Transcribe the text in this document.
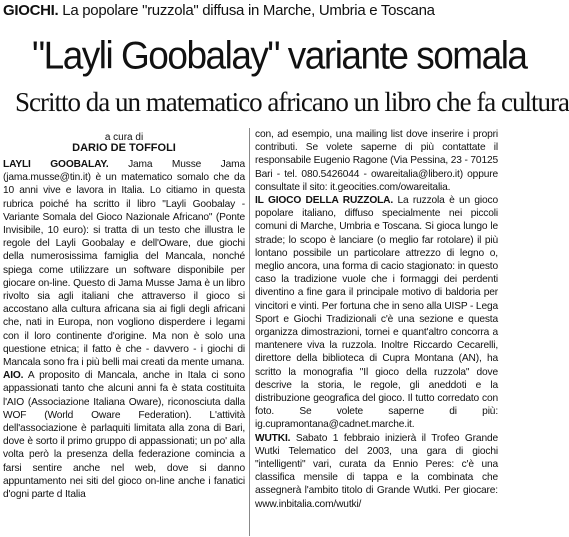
GIOCHI. La popolare "ruzzola" diffusa in Marche, Umbria e Toscana
"Layli Goobalay" variante somala
Scritto da un matematico africano un libro che fa cultura
a cura di
DARIO DE TOFFOLI

LAYLI GOOBALAY. Jama Musse Jama (jama.musse@tin.it) è un matematico somalo che da 10 anni vive e lavora in Italia. Lo citiamo in questa rubrica poiché ha scritto il libro "Layli Goobalay - Variante Somala del Gioco Nazionale Africano" (Ponte Invisibile, 10 euro): si tratta di un testo che illustra le regole del Layli Goobalay e dell'Oware, due giochi della numerosissima famiglia del Mancala, nonché spiega come utilizzare un software disponibile per giocare on-line. Questo di Jama Musse Jama è un libro rivolto sia agli italiani che attraverso il gioco si accostano alla cultura africana sia ai figli degli africani che, nati in Europa, non vogliono disperdere i legami con il loro continente d'origine. Ma non è solo una questione etnica; il fatto è che - davvero - i giochi di Mancala sono fra i più belli mai creati da mente umana.

AIO. A proposito di Mancala, anche in Itala ci sono appassionati tanto che alcuni anni fa è stata costituita l'AIO (Associazione Italiana Oware), riconosciuta dalla WOF (World Oware Federation). L'attività dell'associazione è parlaquiti limitata alla zona di Bari, dove è sorto il primo gruppo di appassionati; un po' alla volta però la presenza della federazione comincia a farsi sentire anche nel web, dove si danno appuntamento nei siti del gioco on-line anche i fanatici d'ogni parte d Italia

con, ad esempio, una mailing list dove inserire i propri contributi. Se volete saperne di più contattate il responsabile Eugenio Ragone (Via Pessina, 23 - 70125 Bari - tel. 080.5426044 - owareitalia@libero.it) oppure consultate il sito: it.geocities.com/owareitalia.

IL GIOCO DELLA RUZZOLA. La ruzzola è un gioco popolare italiano, diffuso specialmente nei piccoli comuni di Marche, Umbria e Toscana. Si gioca lungo le strade; lo scopo è lanciare (o meglio far rotolare) il più lontano possibile un particolare attrezzo di legno o, meglio ancora, una forma di cacio stagionato: in questo caso la tradizione vuole che i formaggi dei perdenti diventino a fine gara il principale motivo di baldoria per vincitori e vinti. Per fortuna che in seno alla UISP - Lega Sport e Giochi Tradizionali c'è una sezione e questa organizza dimostrazioni, tornei e quant'altro concorra a mantenere viva la ruzzola. Inoltre Riccardo Cecarelli, direttore della biblioteca di Cupra Montana (AN), ha scritto la monografia "Il gioco della ruzzola" dove descrive la storia, le regole, gli aneddoti e la distribuzione geografica del gioco. Il tutto corredato con foto. Se volete saperne di più: ig.cupramontana@cadnet.marche.it.

WUTKI. Sabato 1 febbraio inizierà il Trofeo Grande Wutki Telematico del 2003, una gara di giochi "intelligenti" vari, curata da Ennio Peres: c'è una classifica mensile di tappa e la combinata che assegnerà l'ambito titolo di Grande Wutki. Per giocare: www.inbitalia.com/wutki/
